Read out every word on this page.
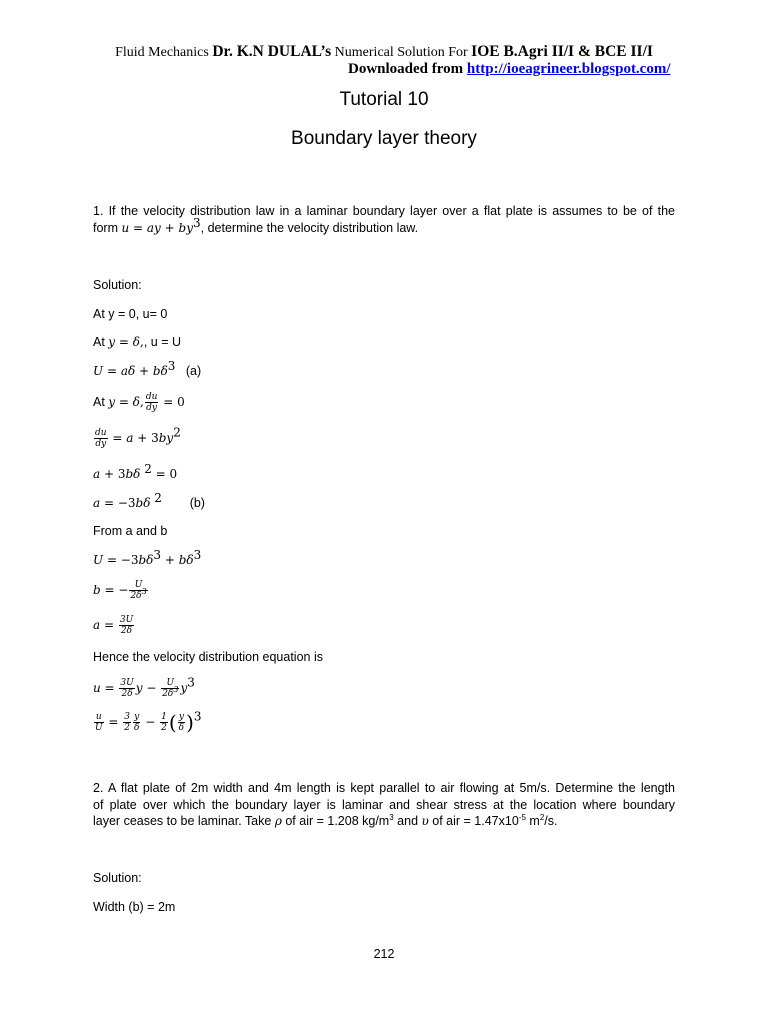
Fluid Mechanics Dr. K.N DULAL’s Numerical Solution For IOE B.Agri II/I & BCE II/I
Downloaded from http://ioeagrineer.blogspot.com/
Tutorial 10
Boundary layer theory
1. If the velocity distribution law in a laminar boundary layer over a flat plate is assumes to be of the
form u = ay + $by^3$, determine the velocity distribution law.
Solution:
At y = 0, u= 0
At y = δ,, u = U
$U = a\delta + b\delta^3$ (a)
At y = δ, $\frac{du}{dy} = 0$
$\frac{du}{dy} = a + 3by^2$
a + 3bδ $^2$ = 0
a = −3bδ $^2$ (b)
From a and b
$U = -3b\delta^3 + b\delta^3$
b = − $\frac{U}{2\delta^3}$
$a = \frac{3U}{2\delta}$
Hence the velocity distribution equation is
$u = \frac{3U}{2\delta}$ $y - \frac{U}{2\delta^3} y^3$
$\frac{u}{U} = \frac{3}{2} \frac{y}{\delta} - \frac{1}{2}$ ( $\frac{y}{\delta} )^3$
2. A flat plate of 2m width and 4m length is kept parallel to air flowing at 5m/s. Determine the length
of plate over which the boundary layer is laminar and shear stress at the location where boundary
layer ceases to be laminar. Take ρ of air = 1.208 $kg/m^3$ and υ of air = $1.47x10^{-5}$ $m^2/s$.
Solution:
Width (b) = 2m
212
